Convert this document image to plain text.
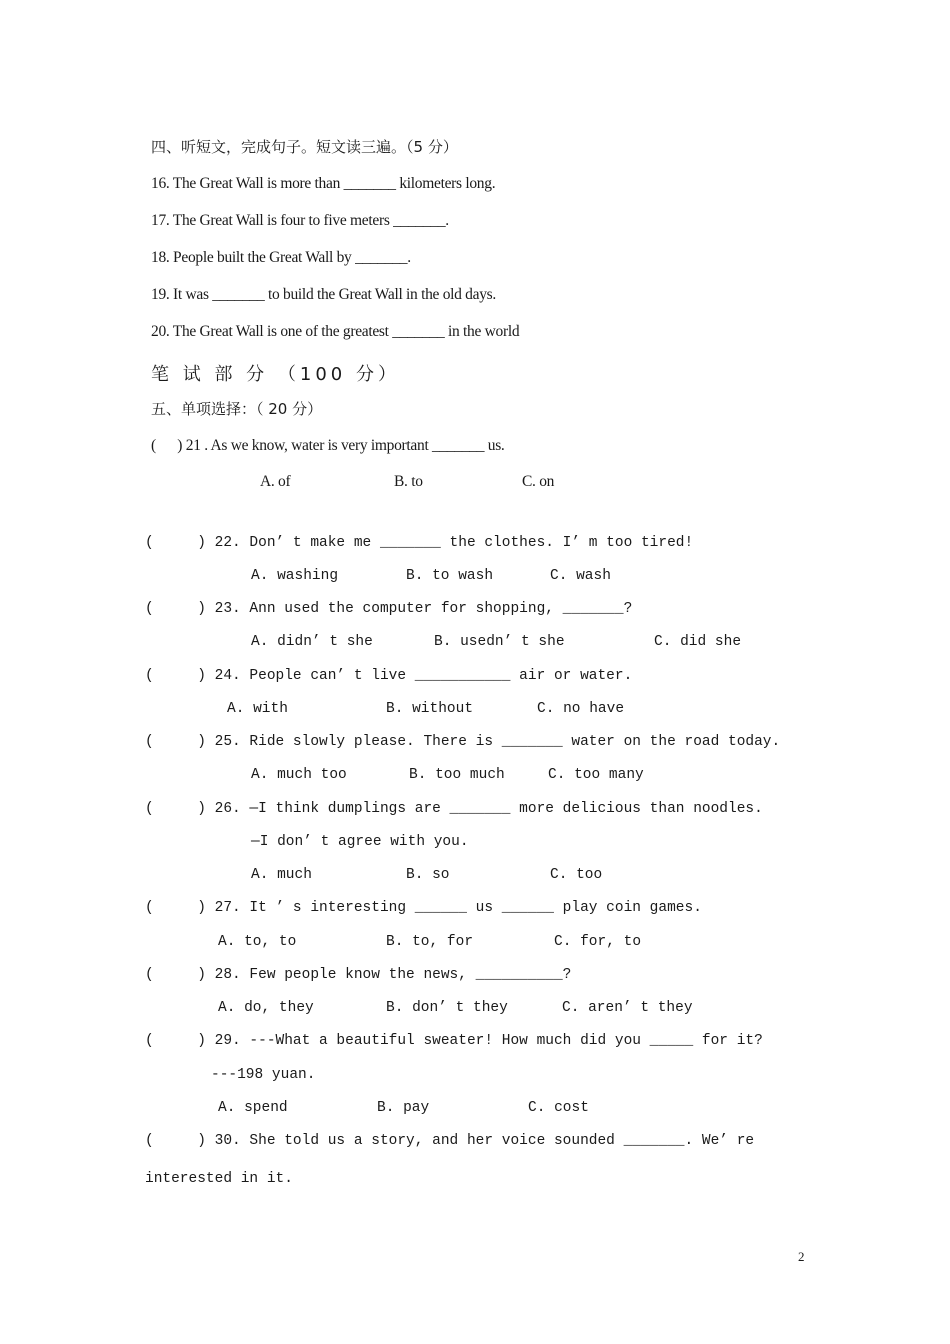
四、听短文，完成句子。短文读三遍。（5 分）
16. The Great Wall is more than _______ kilometers long.
17. The Great Wall is four to five meters _______.
18. People built the Great Wall by _______.
19. It was _______ to build the Great Wall in the old days.
20. The Great Wall is one of the greatest _______ in the world
笔 试 部 分 （100 分）
五、单项选择：（ 20 分）
(      ) 21 . As we know, water is very important _______ us.
A. of	B. to	C. on
(     ) 22. Don’ t make me _______ the clothes. I’ m too tired!
A. washing	B. to wash	C. wash
(     ) 23. Ann used the computer for shopping, _______?
A. didn’ t she	B. usedn’ t she	C. did she
(     ) 24. People can’ t live ___________ air or water.
A. with	B. without	C. no have
(     ) 25. Ride slowly please. There is _______ water on the road today.
A. much too	B. too much	C. too many
(     ) 26. —I think dumplings are _______ more delicious than noodles.
—I don’ t agree with you.
A. much	B. so	C. too
(     ) 27. It ’ s interesting ______ us ______ play coin games.
A. to, to	B. to, for	C. for, to
(     ) 28. Few people know the news, __________?
A. do, they	B. don’ t they	C. aren’ t they
(     ) 29. ---What a beautiful sweater! How much did you _____ for it?
---198 yuan.
A. spend	B. pay	C. cost
(     ) 30. She told us a story, and her voice sounded _______. We’ re
interested in it.
2
